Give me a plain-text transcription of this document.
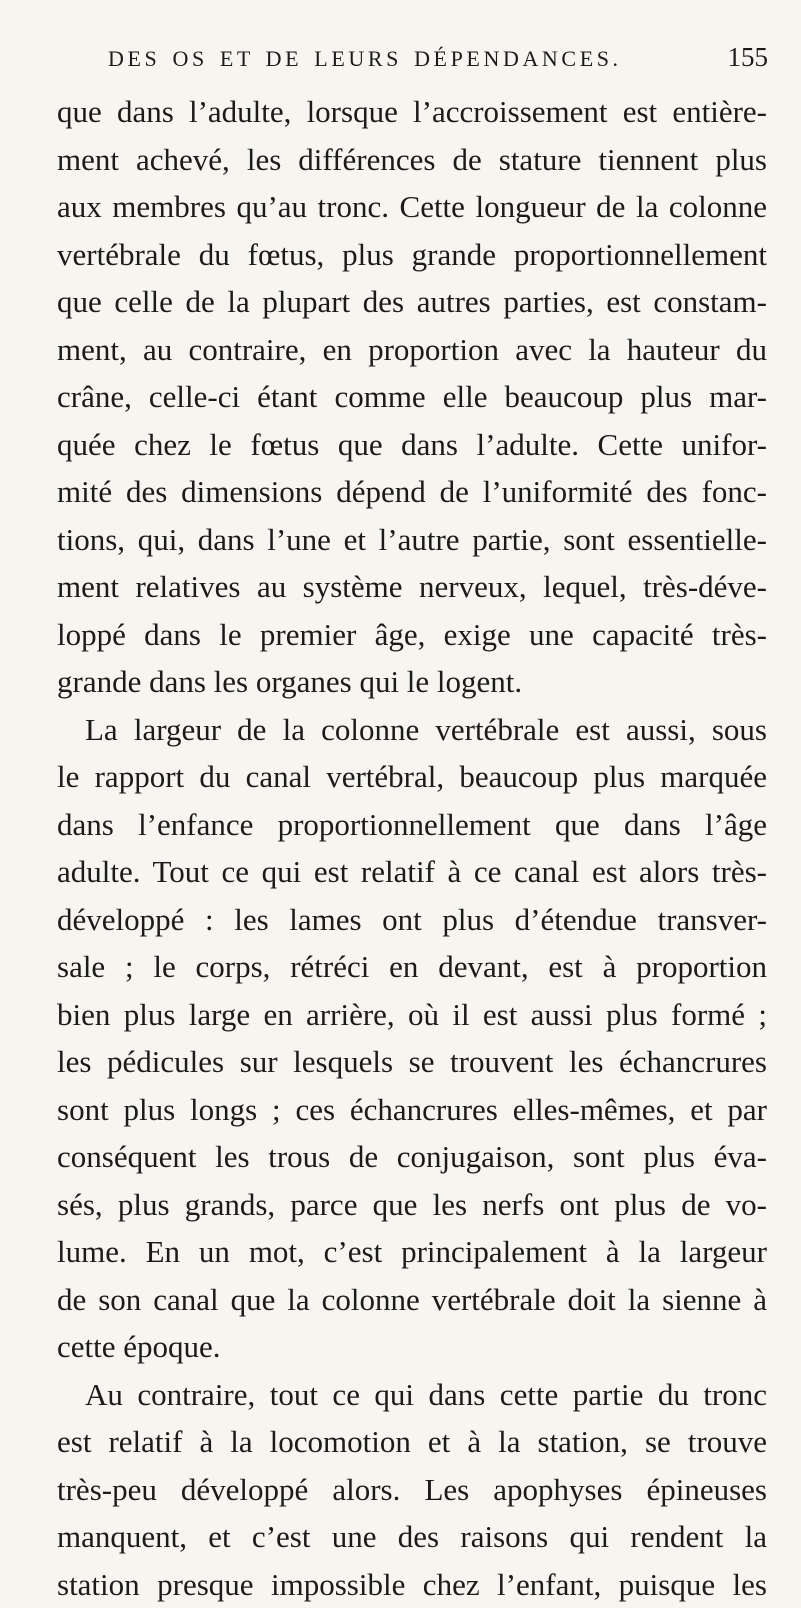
DES OS ET DE LEURS DÉPENDANCES.	155
que dans l’adulte, lorsque l’accroissement est entière-
ment achevé, les différences de stature tiennent plus
aux membres qu’au tronc. Cette longueur de la colonne
vertébrale du fœtus, plus grande proportionnellement
que celle de la plupart des autres parties, est constam-
ment, au contraire, en proportion avec la hauteur du
crâne, celle-ci étant comme elle beaucoup plus mar-
quée chez le fœtus que dans l’adulte. Cette unifor-
mité des dimensions dépend de l’uniformité des fonc-
tions, qui, dans l’une et l’autre partie, sont essentielle-
ment relatives au système nerveux, lequel, très-déve-
loppé dans le premier âge, exige une capacité très-
grande dans les organes qui le logent.
La largeur de la colonne vertébrale est aussi, sous
le rapport du canal vertébral, beaucoup plus marquée
dans l’enfance proportionnellement que dans l’âge
adulte. Tout ce qui est relatif à ce canal est alors très-
développé : les lames ont plus d’étendue transver-
sale ; le corps, rétréci en devant, est à proportion
bien plus large en arrière, où il est aussi plus formé ;
les pédicules sur lesquels se trouvent les échancrures
sont plus longs ; ces échancrures elles-mêmes, et par
conséquent les trous de conjugaison, sont plus éva-
sés, plus grands, parce que les nerfs ont plus de vo-
lume. En un mot, c’est principalement à la largeur
de son canal que la colonne vertébrale doit la sienne à
cette époque.
Au contraire, tout ce qui dans cette partie du tronc
est relatif à la locomotion et à la station, se trouve
très-peu développé alors. Les apophyses épineuses
manquent, et c’est une des raisons qui rendent la
station presque impossible chez l’enfant, puisque les
